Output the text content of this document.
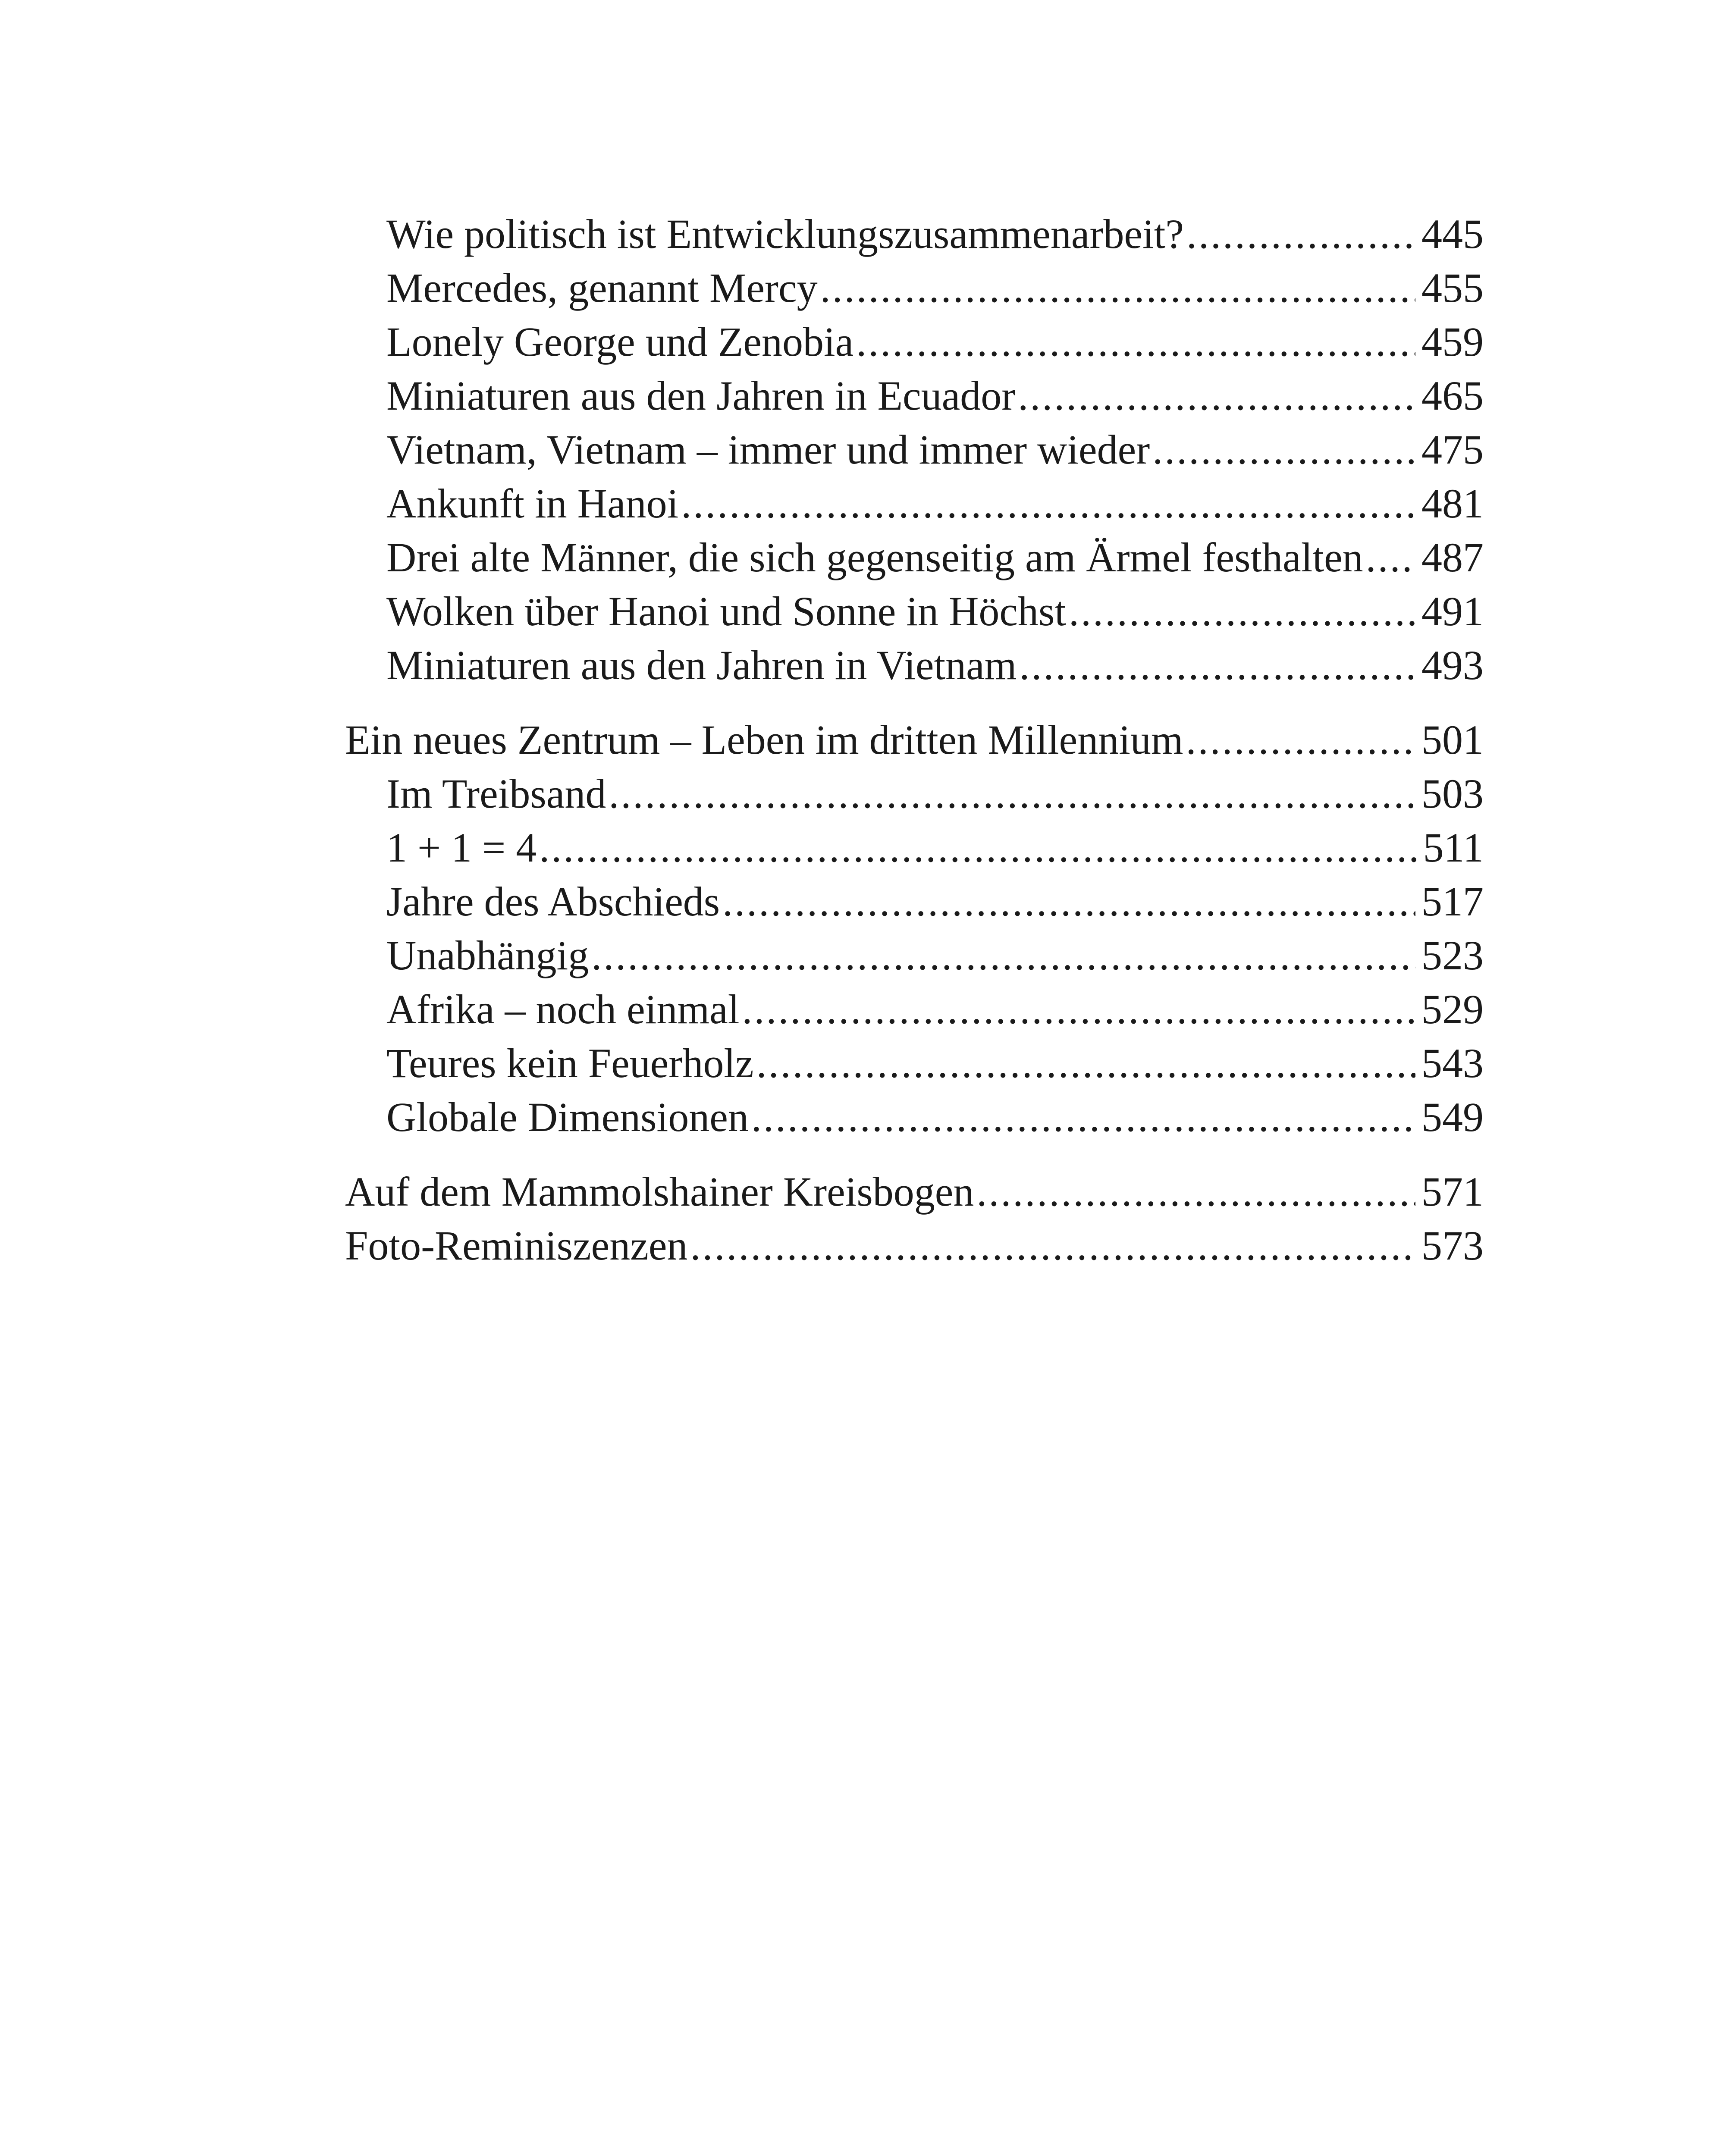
Wie politisch ist Entwicklungszusammenarbeit? .....	445
Mercedes, genannt Mercy .....	455
Lonely George und Zenobia .....	459
Miniaturen aus den Jahren in Ecuador .....	465
Vietnam, Vietnam – immer und immer wieder .....	475
Ankunft in Hanoi .....	481
Drei alte Männer, die sich gegenseitig am Ärmel festhalten ..... 487
Wolken über Hanoi und Sonne in Höchst .....	491
Miniaturen aus den Jahren in Vietnam .....	493
Ein neues Zentrum – Leben im dritten Millennium .....	501
Im Treibsand .....	503
1 + 1 = 4 .....	511
Jahre des Abschieds .....	517
Unabhängig .....	523
Afrika – noch einmal .....	529
Teures kein Feuerholz .....	543
Globale Dimensionen .....	549
Auf dem Mammolshainer Kreisbogen .....	571
Foto-Reminiszenzen .....	573
